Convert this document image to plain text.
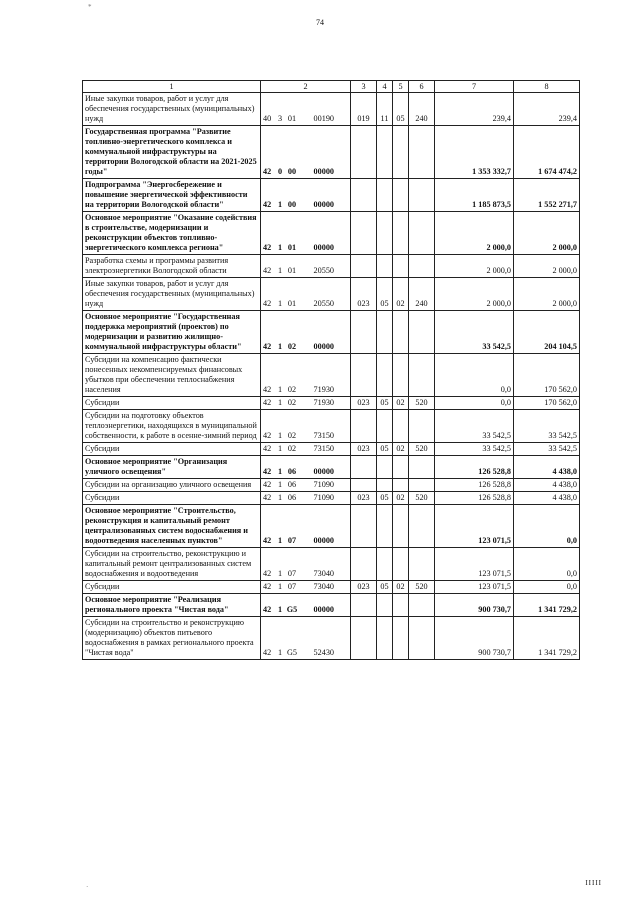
*
74
1	2	3	4	5	6	7	8
Иные закупки товаров, работ и услуг для обеспечения государственных (муниципальных) нужд	40 3 01 00190	019	11	05	240	239,4	239,4
Государственная программа "Развитие топливно-энергетического комплекса и коммунальной инфраструктуры на территории Вологодской области на 2021-2025 годы"	42 0 00 00000					1 353 332,7	1 674 474,2
Подпрограмма "Энергосбережение и повышение энергетической эффективности на территории Вологодской области"	42 1 00 00000					1 185 873,5	1 552 271,7
Основное мероприятие "Оказание содействия в строительстве, модернизации и реконструкции объектов топливно-энергетического комплекса региона"	42 1 01 00000					2 000,0	2 000,0
Разработка схемы и программы развития электроэнергетики Вологодской области	42 1 01 20550					2 000,0	2 000,0
Иные закупки товаров, работ и услуг для обеспечения государственных (муниципальных) нужд	42 1 01 20550	023	05	02	240	2 000,0	2 000,0
Основное мероприятие "Государственная поддержка мероприятий (проектов) по модернизации и развитию жилищно-коммунальной инфраструктуры области"	42 1 02 00000					33 542,5	204 104,5
Субсидии на компенсацию фактически понесенных некомпенсируемых финансовых убытков при обеспечении теплоснабжения населения	42 1 02 71930					0,0	170 562,0
Субсидии	42 1 02 71930	023	05	02	520	0,0	170 562,0
Субсидии на подготовку объектов теплоэнергетики, находящихся в муниципальной собственности, к работе в осенне-зимний период	42 1 02 73150					33 542,5	33 542,5
Субсидии	42 1 02 73150	023	05	02	520	33 542,5	33 542,5
Основное мероприятие "Организация уличного освещения"	42 1 06 00000					126 528,8	4 438,0
Субсидии на организацию уличного освещения	42 1 06 71090					126 528,8	4 438,0
Субсидии	42 1 06 71090	023	05	02	520	126 528,8	4 438,0
Основное мероприятие "Строительство, реконструкция и капитальный ремонт централизованных систем водоснабжения и водоотведения населенных пунктов"	42 1 07 00000					123 071,5	0,0
Субсидии на строительство, реконструкцию и капитальный ремонт централизованных систем водоснабжения и водоотведения	42 1 07 73040					123 071,5	0,0
Субсидии	42 1 07 73040	023	05	02	520	123 071,5	0,0
Основное мероприятие "Реализация регионального проекта "Чистая вода"	42 1 G5 00000					900 730,7	1 341 729,2
Субсидии на строительство и реконструкцию (модернизацию) объектов питьевого водоснабжения в рамках регионального проекта "Чистая вода"	42 1 G5 52430					900 730,7	1 341 729,2
·	IIIII
